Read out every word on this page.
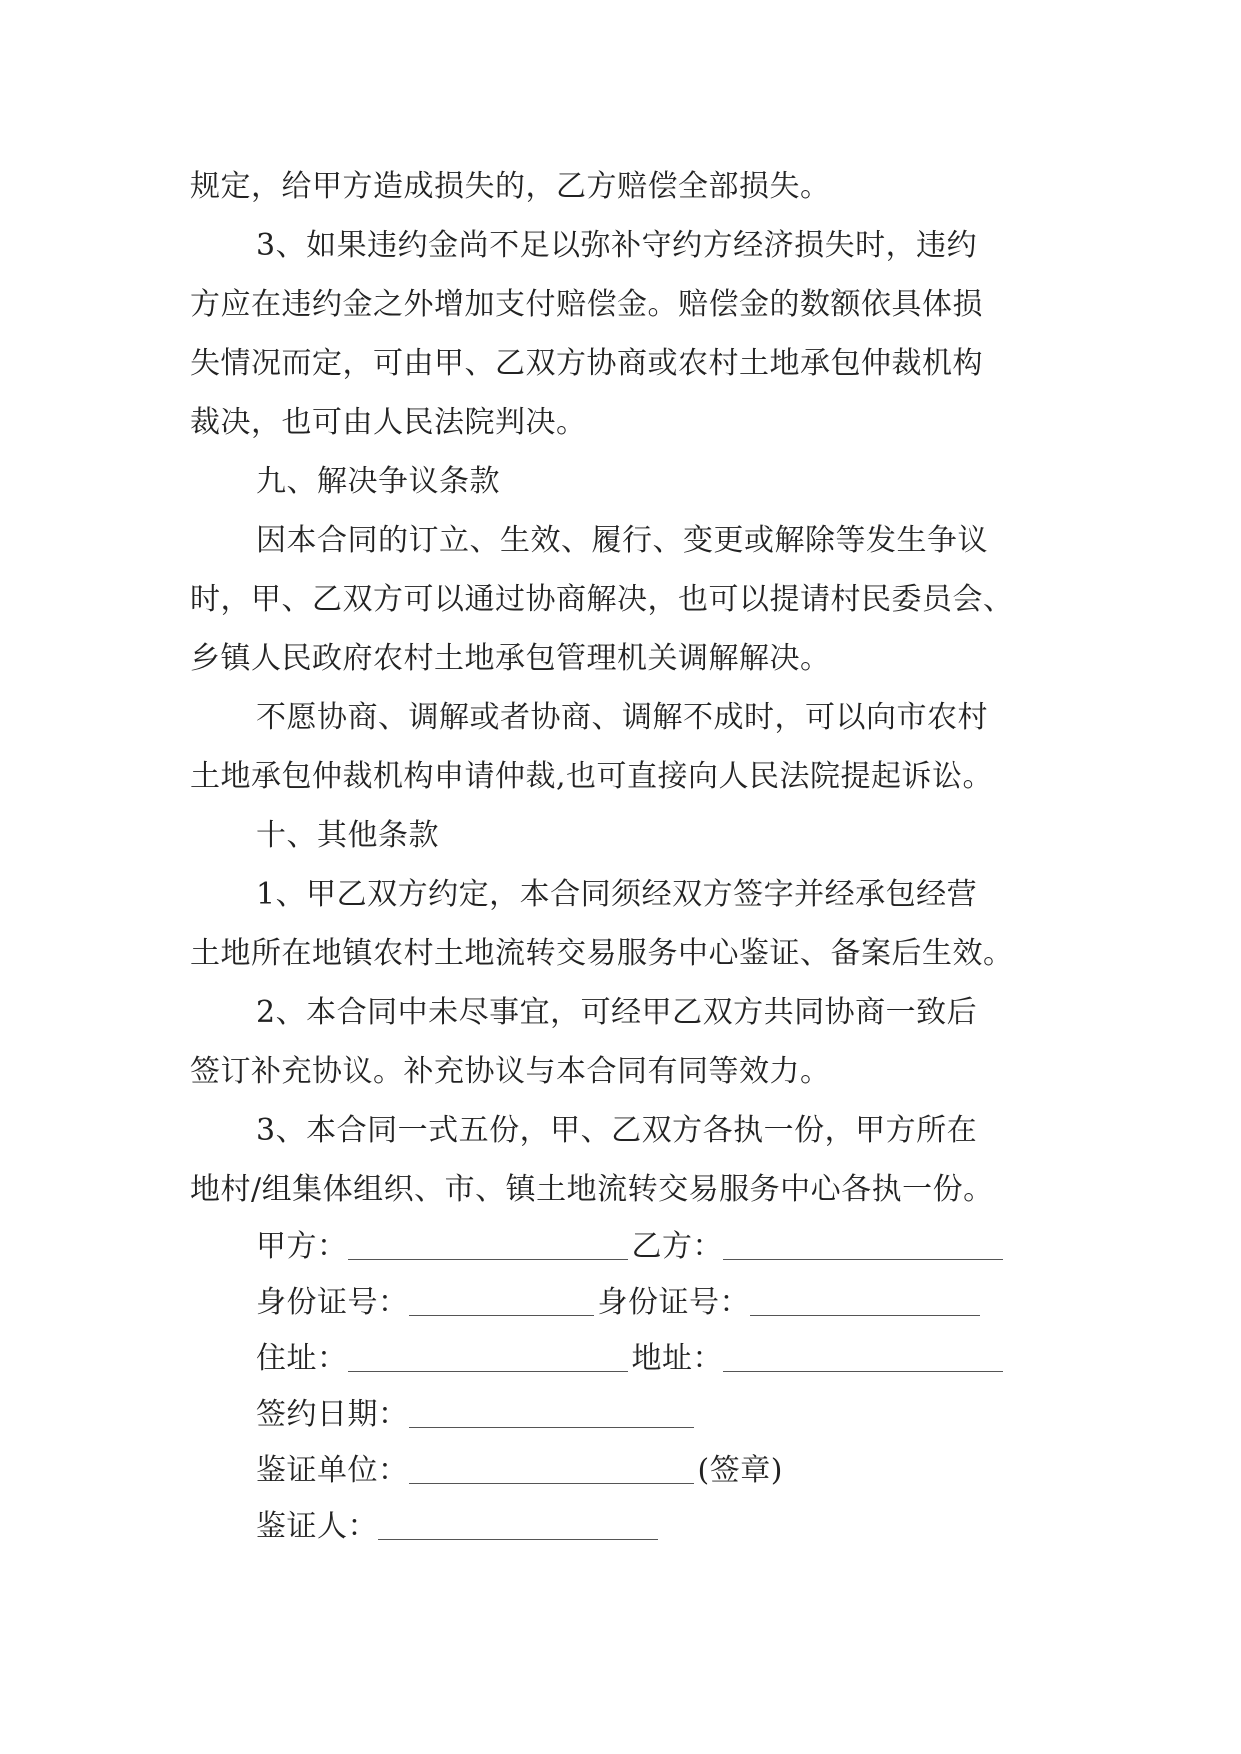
规定，给甲方造成损失的，乙方赔偿全部损失。
3、如果违约金尚不足以弥补守约方经济损失时，违约
方应在违约金之外增加支付赔偿金。赔偿金的数额依具体损
失情况而定，可由甲、乙双方协商或农村土地承包仲裁机构
裁决，也可由人民法院判决。
九、解决争议条款
因本合同的订立、生效、履行、变更或解除等发生争议
时，甲、乙双方可以通过协商解决，也可以提请村民委员会、
乡镇人民政府农村土地承包管理机关调解解决。
不愿协商、调解或者协商、调解不成时，可以向市农村
土地承包仲裁机构申请仲裁,也可直接向人民法院提起诉讼。
十、其他条款
1、甲乙双方约定，本合同须经双方签字并经承包经营
土地所在地镇农村土地流转交易服务中心鉴证、备案后生效。
2、本合同中未尽事宜，可经甲乙双方共同协商一致后
签订补充协议。补充协议与本合同有同等效力。
3、本合同一式五份，甲、乙双方各执一份，甲方所在
地村/组集体组织、市、镇土地流转交易服务中心各执一份。
甲方：	乙方：
身份证号：	身份证号：
住址：	地址：
签约日期：
鉴证单位：	(签章)
鉴证人：
